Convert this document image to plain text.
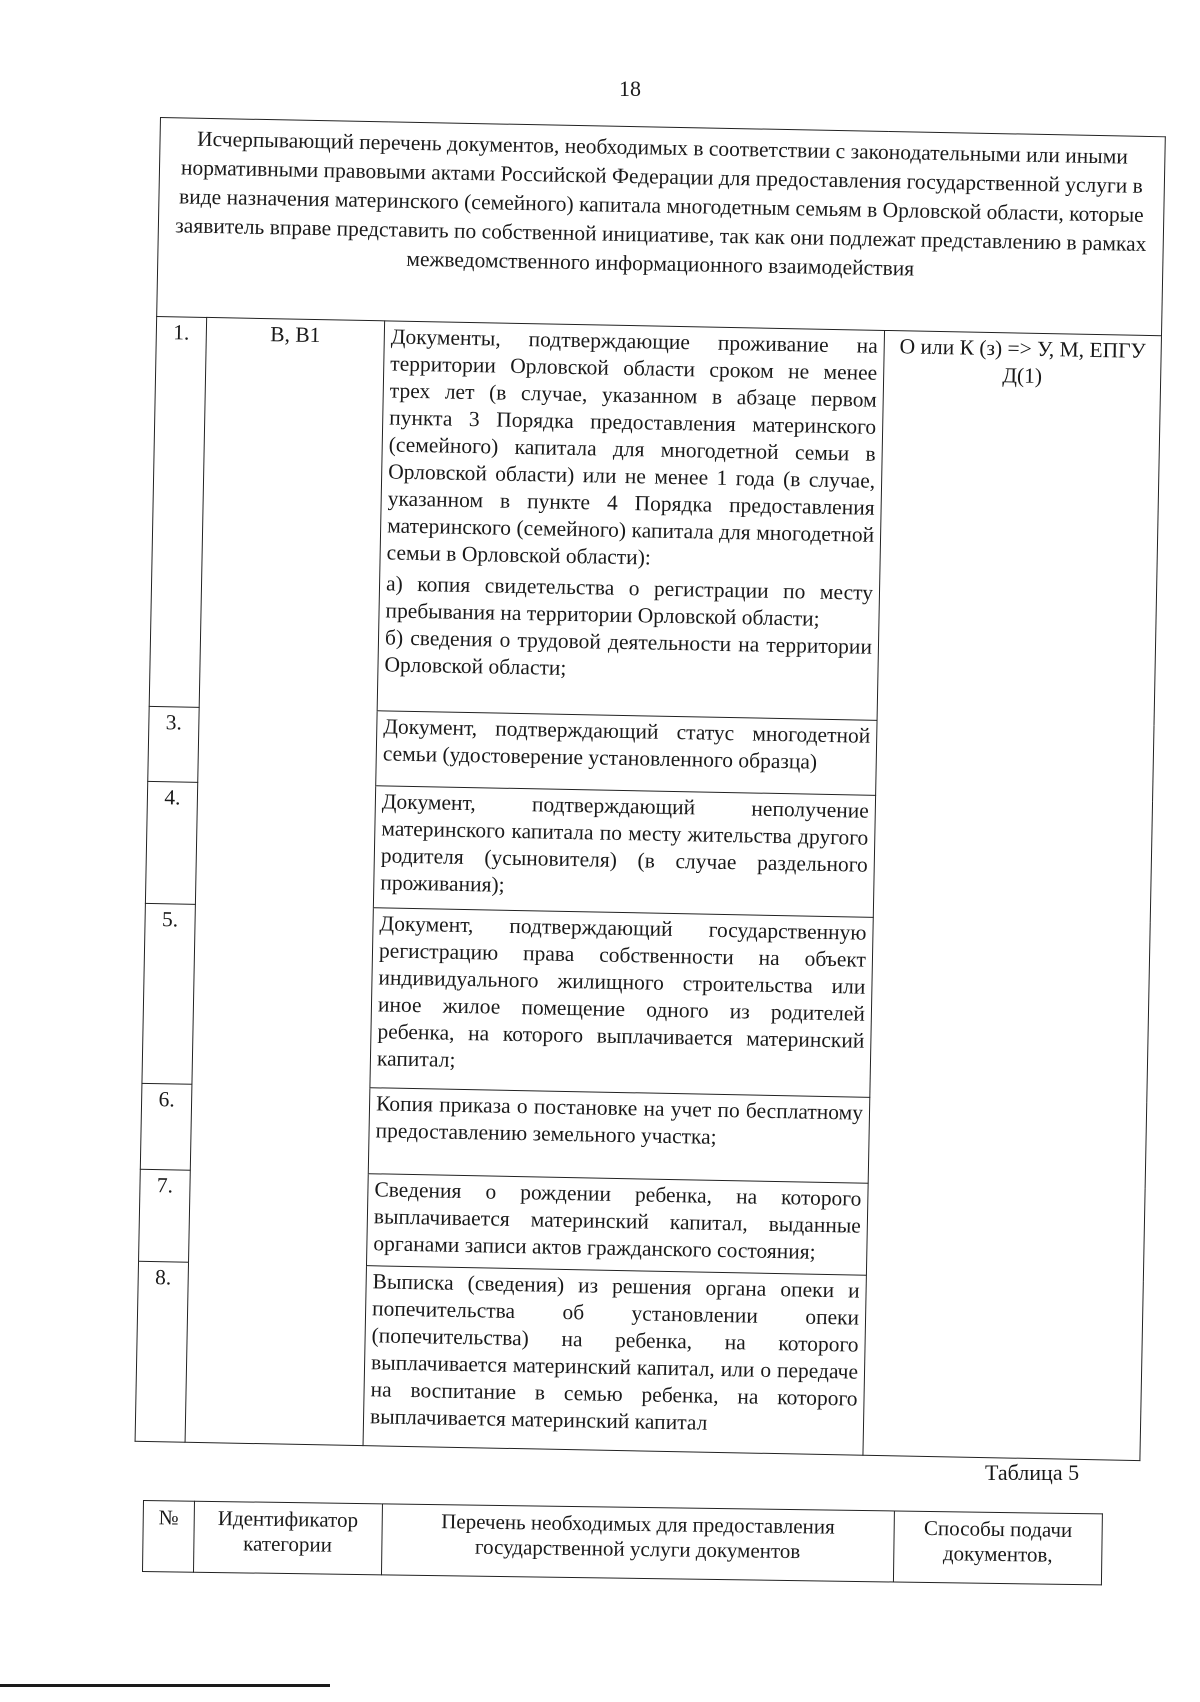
18
Исчерпывающий перечень документов, необходимых в соответствии с законодательными или иными нормативными правовыми актами Российской Федерации для предоставления государственной услуги в виде назначения материнского (семейного) капитала многодетным семьям в Орловской области, которые заявитель вправе представить по собственной инициативе, так как они подлежат представлению в рамках межведомственного информационного взаимодействия			
1.	В, В1	Документы, подтверждающие проживание на территории Орловской области сроком не менее трех лет (в случае, указанном в абзаце первом пункта 3 Порядка предоставления материнского (семейного) капитала для многодетной семьи в Орловской области) или не менее 1 года (в случае, указанном в пункте 4 Порядка предоставления материнского (семейного) капитала для многодетной семьи в Орловской области):
а) копия свидетельства о регистрации по месту пребывания на территории Орловской области;
б) сведения о трудовой деятельности на территории Орловской области;	О или К (з) => У, М, ЕПГУ Д(1)
3.		Документ, подтверждающий статус многодетной семьи (удостоверение установленного образца)	
4.		Документ, подтверждающий неполучение материнского капитала по месту жительства другого родителя (усыновителя) (в случае раздельного проживания);	
5.		Документ, подтверждающий государственную регистрацию права собственности на объект индивидуального жилищного строительства или иное жилое помещение одного из родителей ребенка, на которого выплачивается материнский капитал;	
6.		Копия приказа о постановке на учет по бесплатному предоставлению земельного участка;	
7.		Сведения о рождении ребенка, на которого выплачивается материнский капитал, выданные органами записи актов гражданского состояния;	
8.		Выписка (сведения) из решения органа опеки и попечительства об установлении опеки (попечительства) на ребенка, на которого выплачивается материнский капитал, или о передаче на воспитание в семью ребенка, на которого выплачивается материнский капитал	
Таблица 5
№	Идентификатор категории	Перечень необходимых для предоставления государственной услуги документов	Способы подачи документов,
